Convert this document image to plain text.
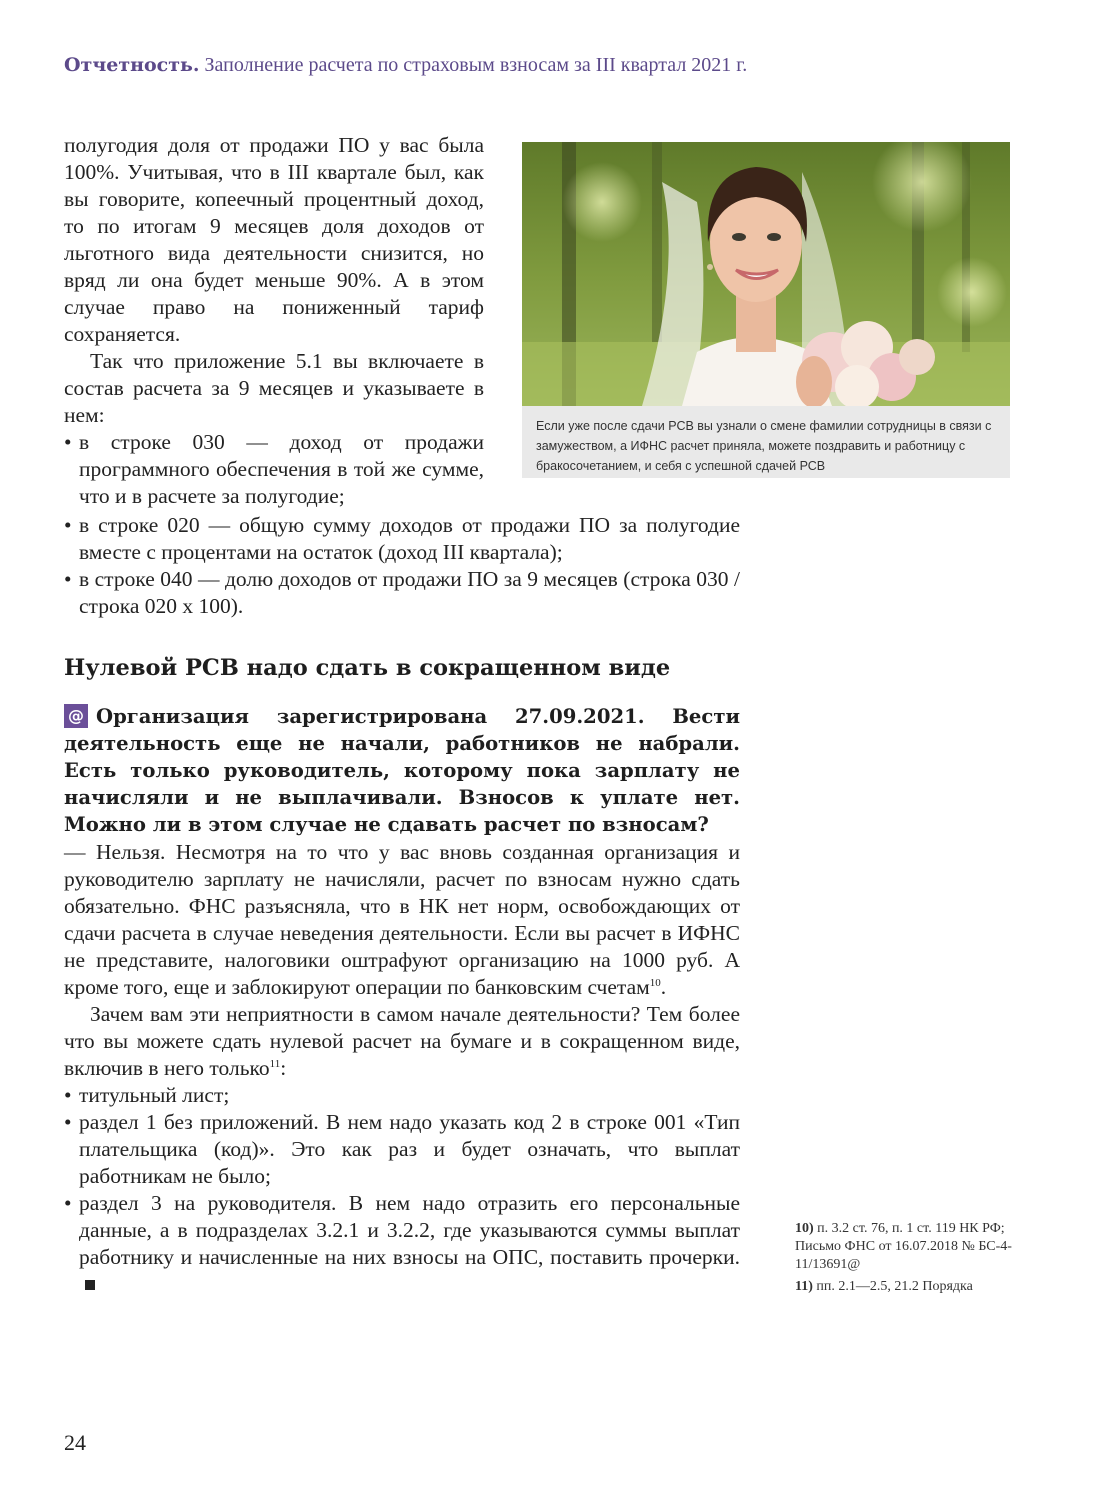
Отчетность. Заполнение расчета по страховым взносам за III квартал 2021 г.

полугодия доля от продажи ПО у вас была 100%. Учитывая, что в III квартале был, как вы говорите, копеечный процентный доход, то по итогам 9 месяцев доля доходов от льготного вида деятельности снизится, но вряд ли она будет меньше 90%. А в этом случае право на пониженный тариф сохраняется.

Так что приложение 5.1 вы включаете в состав расчета за 9 месяцев и указываете в нем:

• в строке 030 — доход от продажи программного обеспечения в той же сумме, что и в расчете за полугодие;
• в строке 020 — общую сумму доходов от продажи ПО за полугодие вместе с процентами на остаток (доход III квартала);
• в строке 040 — долю доходов от продажи ПО за 9 месяцев (строка 030 / строка 020 х 100).
Если уже после сдачи РСВ вы узнали о смене фамилии сотрудницы в связи с замужеством, а ИФНС расчет приняла, можете поздравить и работницу с бракосочетанием, и себя с успешной сдачей РСВ
Нулевой РСВ надо сдать в сокращенном виде
@ Организация зарегистрирована 27.09.2021. Вести деятельность еще не начали, работников не набрали. Есть только руководитель, которому пока зарплату не начисляли и не выплачивали. Взносов к уплате нет. Можно ли в этом случае не сдавать расчет по взносам?

— Нельзя. Несмотря на то что у вас вновь созданная организация и руководителю зарплату не начисляли, расчет по взносам нужно сдать обязательно. ФНС разъясняла, что в НК нет норм, освобождающих от сдачи расчета в случае неведения деятельности. Если вы расчет в ИФНС не представите, налоговики оштрафуют организацию на 1000 руб. А кроме того, еще и заблокируют операции по банковским счетам$^{10}$.

Зачем вам эти неприятности в самом начале деятельности? Тем более что вы можете сдать нулевой расчет на бумаге и в сокращенном виде, включив в него только$^{11}$:

• титульный лист;
• раздел 1 без приложений. В нем надо указать код 2 в строке 001 «Тип плательщика (код)». Это как раз и будет означать, что выплат работникам не было;
• раздел 3 на руководителя. В нем надо отразить его персональные данные, а в подразделах 3.2.1 и 3.2.2, где указываются суммы выплат работнику и начисленные на них взносы на ОПС, поставить прочерки.

10) п. 3.2 ст. 76, п. 1 ст. 119 НК РФ; Письмо ФНС от 16.07.2018 № БС-4-11/13691@

11) пп. 2.1—2.5, 21.2 Порядка

24
